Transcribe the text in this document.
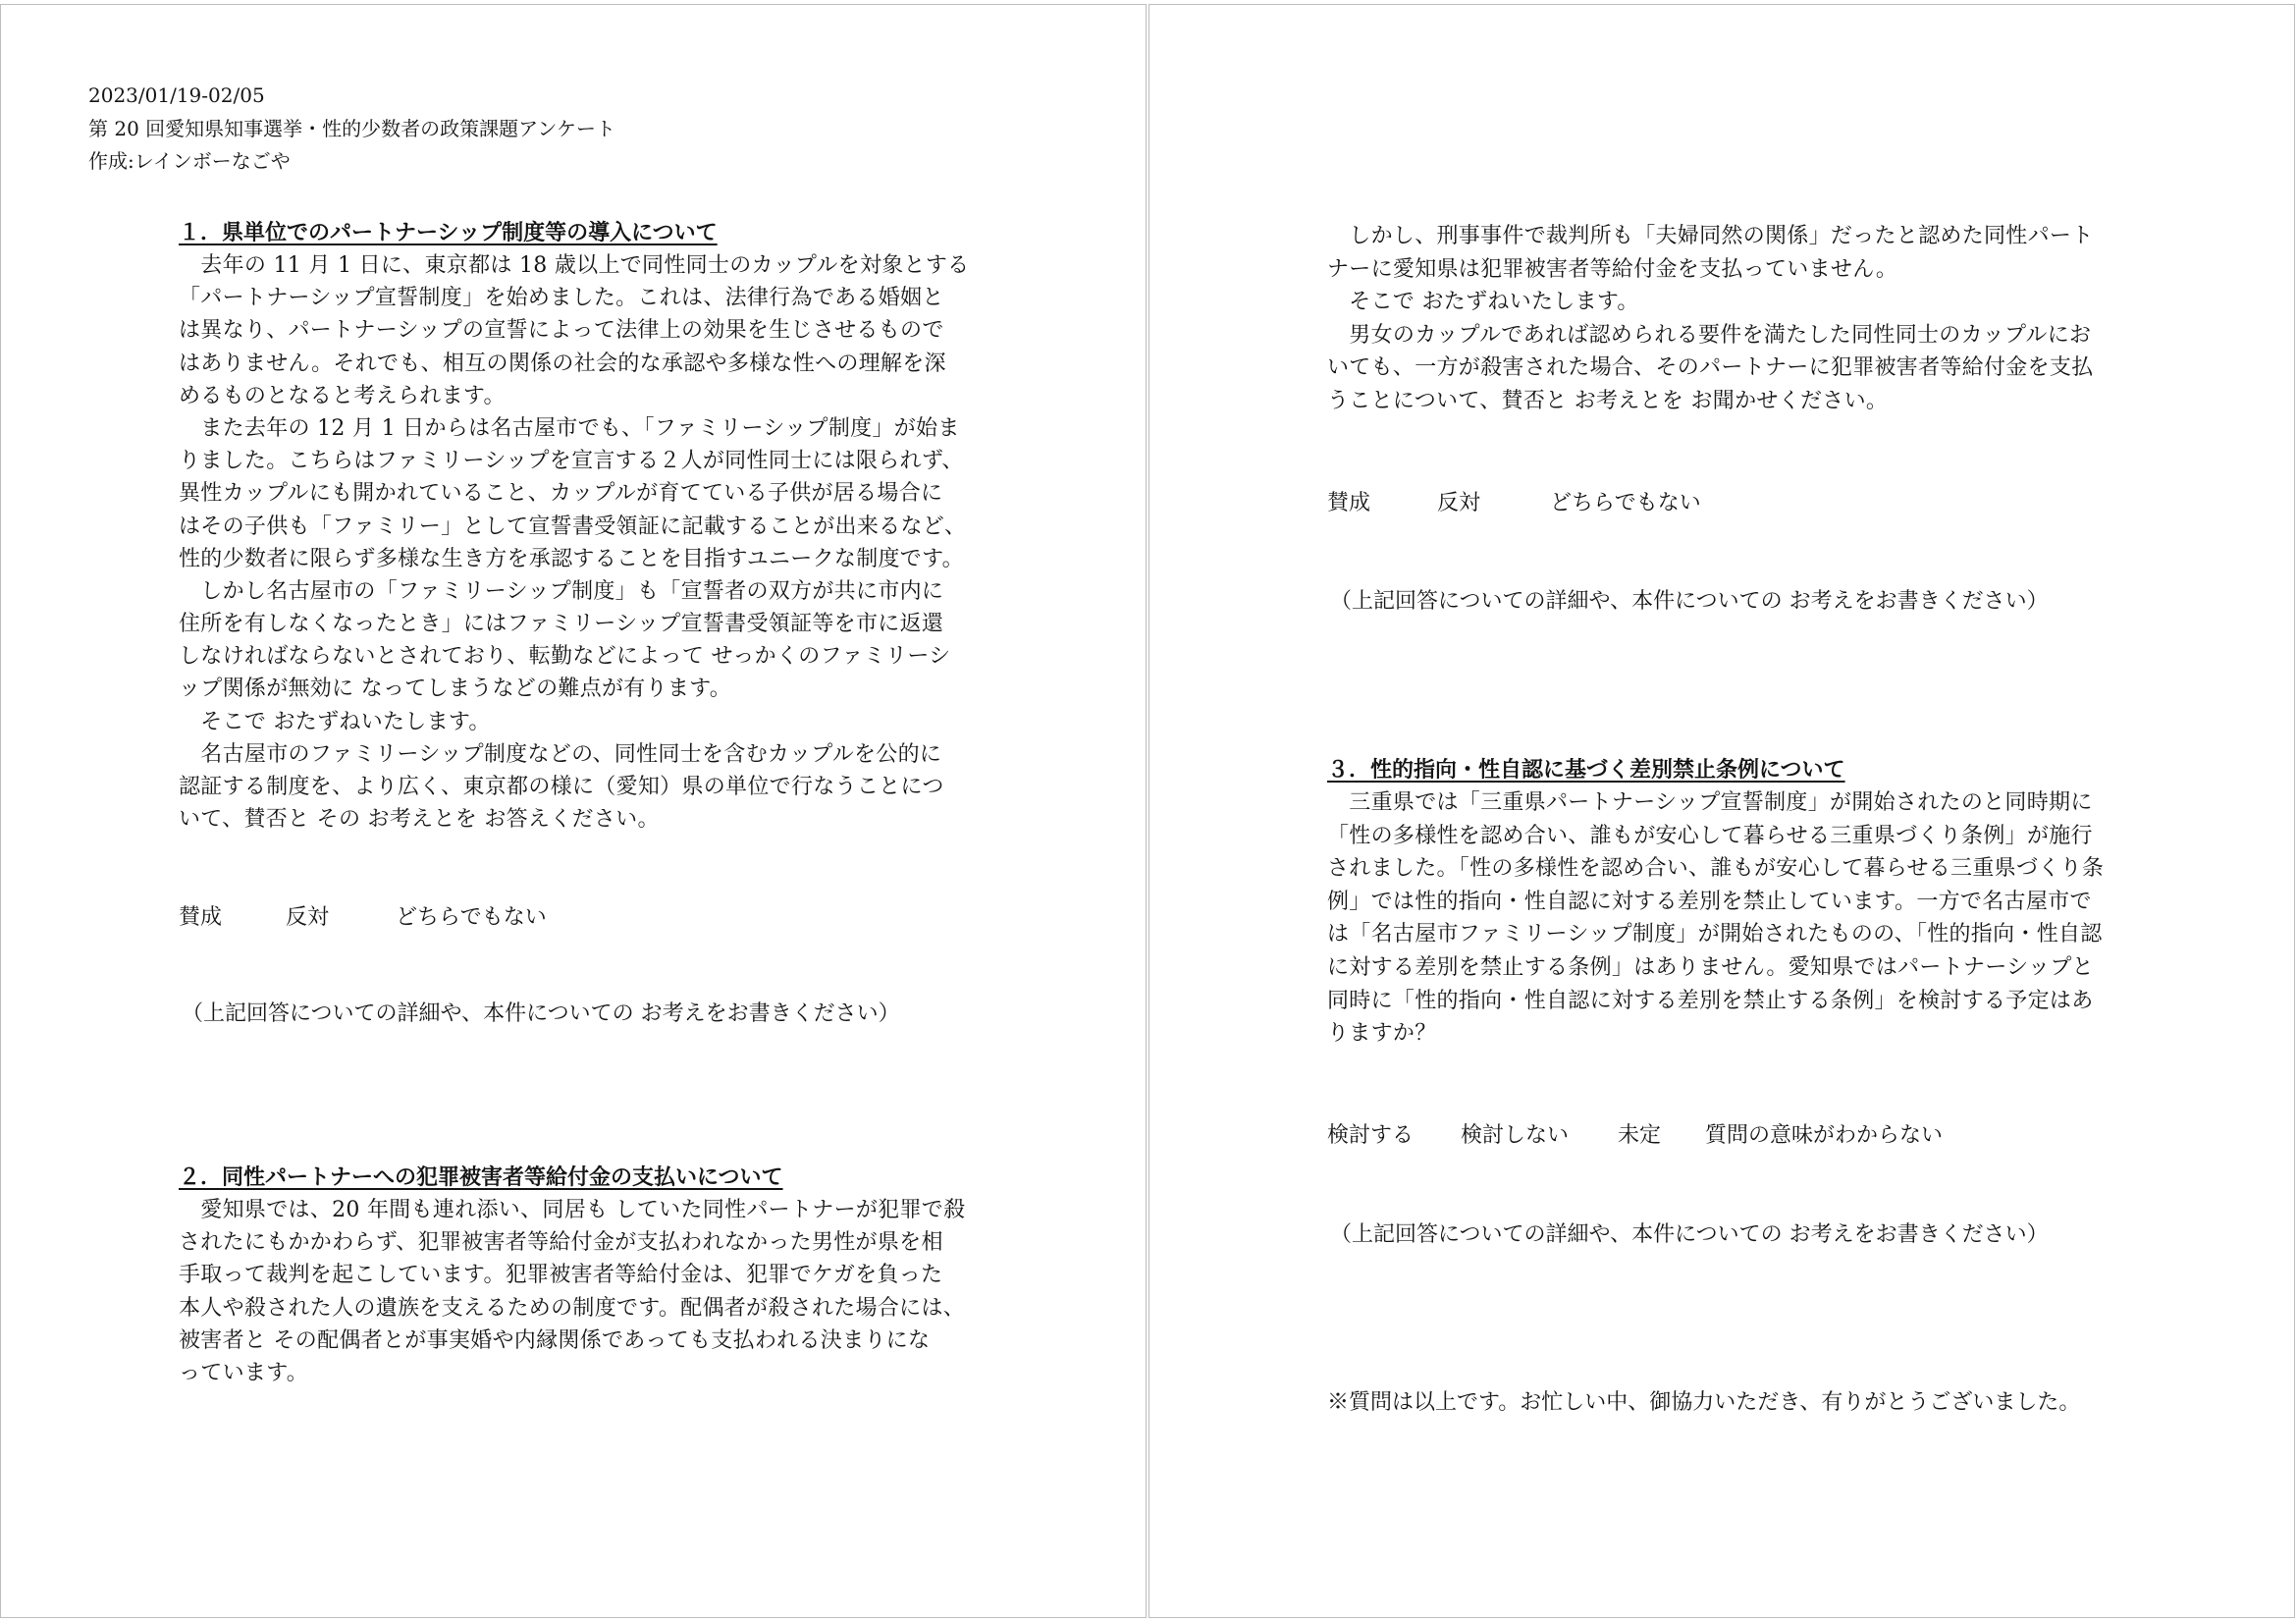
2023/01/19-02/05
第 20 回愛知県知事選挙・性的少数者の政策課題アンケート
作成:レインボーなごや
１．県単位でのパートナーシップ制度等の導入について
　去年の 11 月 1 日に、東京都は 18 歳以上で同性同士のカップルを対象とする
「パートナーシップ宣誓制度」を始めました。これは、法律行為である婚姻と
は異なり、パートナーシップの宣誓によって法律上の効果を生じさせるもので
はありません。それでも、相互の関係の社会的な承認や多様な性への理解を深
めるものとなると考えられます。
　また去年の 12 月 1 日からは名古屋市でも、「ファミリーシップ制度」が始ま
りました。こちらはファミリーシップを宣言する２人が同性同士には限られず、
異性カップルにも開かれていること、カップルが育てている子供が居る場合に
はその子供も「ファミリー」として宣誓書受領証に記載することが出来るなど、
性的少数者に限らず多様な生き方を承認することを目指すユニークな制度です。
　しかし名古屋市の「ファミリーシップ制度」も「宣誓者の双方が共に市内に
住所を有しなくなったとき」にはファミリーシップ宣誓書受領証等を市に返還
しなければならないとされており、転勤などによって せっかくのファミリーシ
ップ関係が無効に なってしまうなどの難点が有ります。
　そこで おたずねいたします。
　名古屋市のファミリーシップ制度などの、同性同士を含むカップルを公的に
認証する制度を、より広く、東京都の様に（愛知）県の単位で行なうことにつ
いて、賛否と その お考えとを お答えください。
賛成	反対	どちらでもない
（上記回答についての詳細や、本件についての お考えをお書きください）
２．同性パートナーへの犯罪被害者等給付金の支払いについて
　愛知県では、20 年間も連れ添い、同居も していた同性パートナーが犯罪で殺
されたにもかかわらず、犯罪被害者等給付金が支払われなかった男性が県を相
手取って裁判を起こしています。犯罪被害者等給付金は、犯罪でケガを負った
本人や殺された人の遺族を支えるための制度です。配偶者が殺された場合には、
被害者と その配偶者とが事実婚や内縁関係であっても支払われる決まりにな
っています。
　しかし、刑事事件で裁判所も「夫婦同然の関係」だったと認めた同性パート
ナーに愛知県は犯罪被害者等給付金を支払っていません。
　そこで おたずねいたします。
　男女のカップルであれば認められる要件を満たした同性同士のカップルにお
いても、一方が殺害された場合、そのパートナーに犯罪被害者等給付金を支払
うことについて、賛否と お考えとを お聞かせください。
賛成	反対	どちらでもない
（上記回答についての詳細や、本件についての お考えをお書きください）
３．性的指向・性自認に基づく差別禁止条例について
　三重県では「三重県パートナーシップ宣誓制度」が開始されたのと同時期に
「性の多様性を認め合い、誰もが安心して暮らせる三重県づくり条例」が施行
されました。「性の多様性を認め合い、誰もが安心して暮らせる三重県づくり条
例」では性的指向・性自認に対する差別を禁止しています。一方で名古屋市で
は「名古屋市ファミリーシップ制度」が開始されたものの、「性的指向・性自認
に対する差別を禁止する条例」はありません。愛知県ではパートナーシップと
同時に「性的指向・性自認に対する差別を禁止する条例」を検討する予定はあ
りますか？
検討する 検討しない 未定 質問の意味がわからない
（上記回答についての詳細や、本件についての お考えをお書きください）
※質問は以上です。お忙しい中、御協力いただき、有りがとうございました。
